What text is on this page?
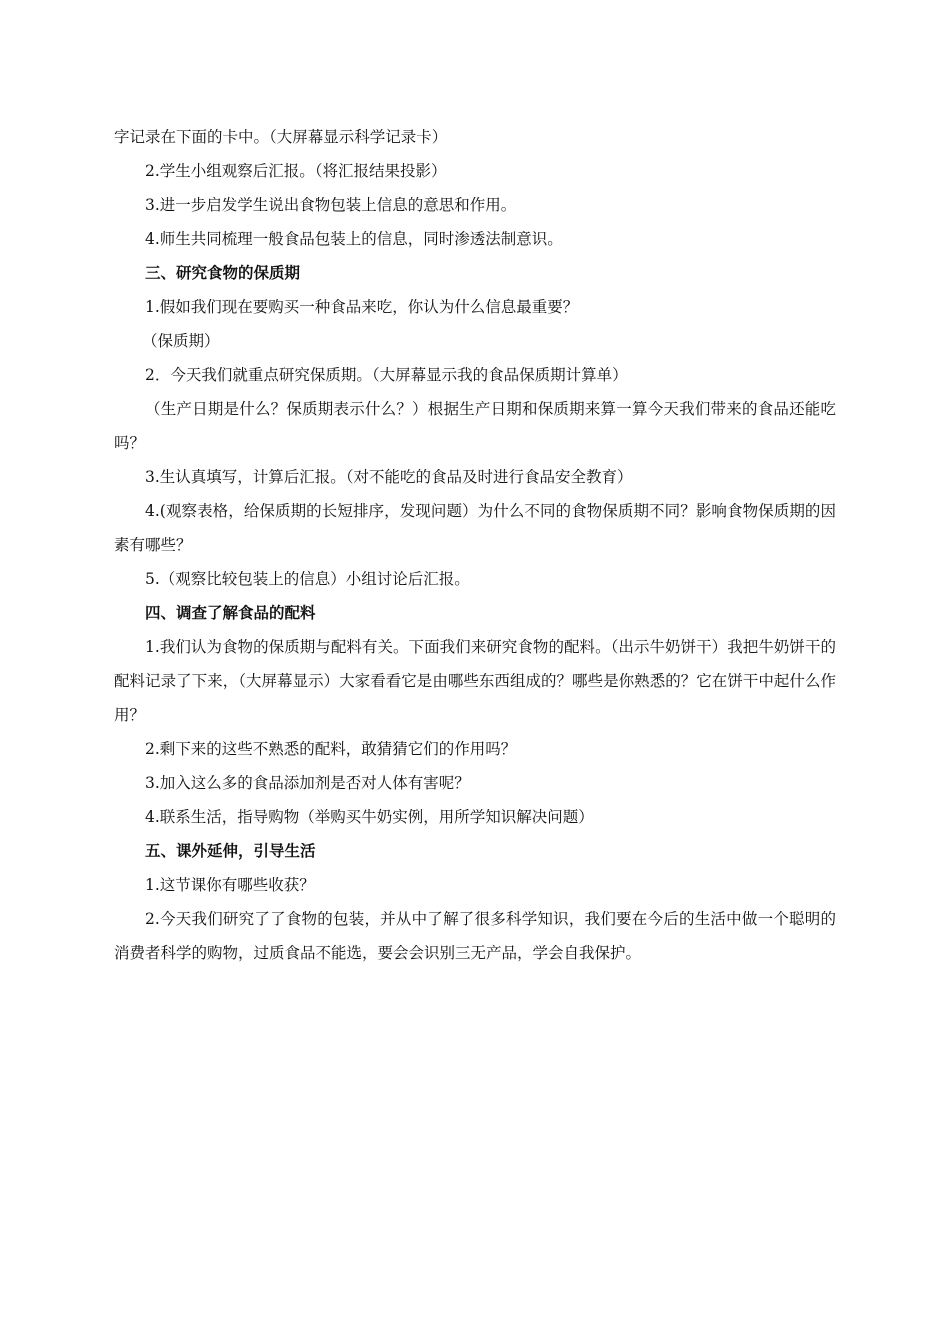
字记录在下面的卡中。（大屏幕显示科学记录卡）

2.学生小组观察后汇报。（将汇报结果投影）

3.进一步启发学生说出食物包装上信息的意思和作用。

4.师生共同梳理一般食品包装上的信息，同时渗透法制意识。

三、研究食物的保质期

1.假如我们现在要购买一种食品来吃，你认为什么信息最重要？

（保质期）

2．今天我们就重点研究保质期。（大屏幕显示我的食品保质期计算单）

（生产日期是什么？保质期表示什么？）根据生产日期和保质期来算一算今天我们带来的食品还能吃吗？

3.生认真填写，计算后汇报。（对不能吃的食品及时进行食品安全教育）

4.(观察表格，给保质期的长短排序，发现问题）为什么不同的食物保质期不同？影响食物保质期的因素有哪些？

5.（观察比较包装上的信息）小组讨论后汇报。

四、调查了解食品的配料

1.我们认为食物的保质期与配料有关。下面我们来研究食物的配料。（出示牛奶饼干）我把牛奶饼干的配料记录了下来，（大屏幕显示）大家看看它是由哪些东西组成的？哪些是你熟悉的？它在饼干中起什么作用？

2.剩下来的这些不熟悉的配料，敢猜猜它们的作用吗？

3.加入这么多的食品添加剂是否对人体有害呢？

4.联系生活，指导购物（举购买牛奶实例，用所学知识解决问题）

五、课外延伸，引导生活

1.这节课你有哪些收获？

2.今天我们研究了了食物的包装，并从中了解了很多科学知识，我们要在今后的生活中做一个聪明的消费者科学的购物，过质食品不能选，要会会识别三无产品，学会自我保护。
